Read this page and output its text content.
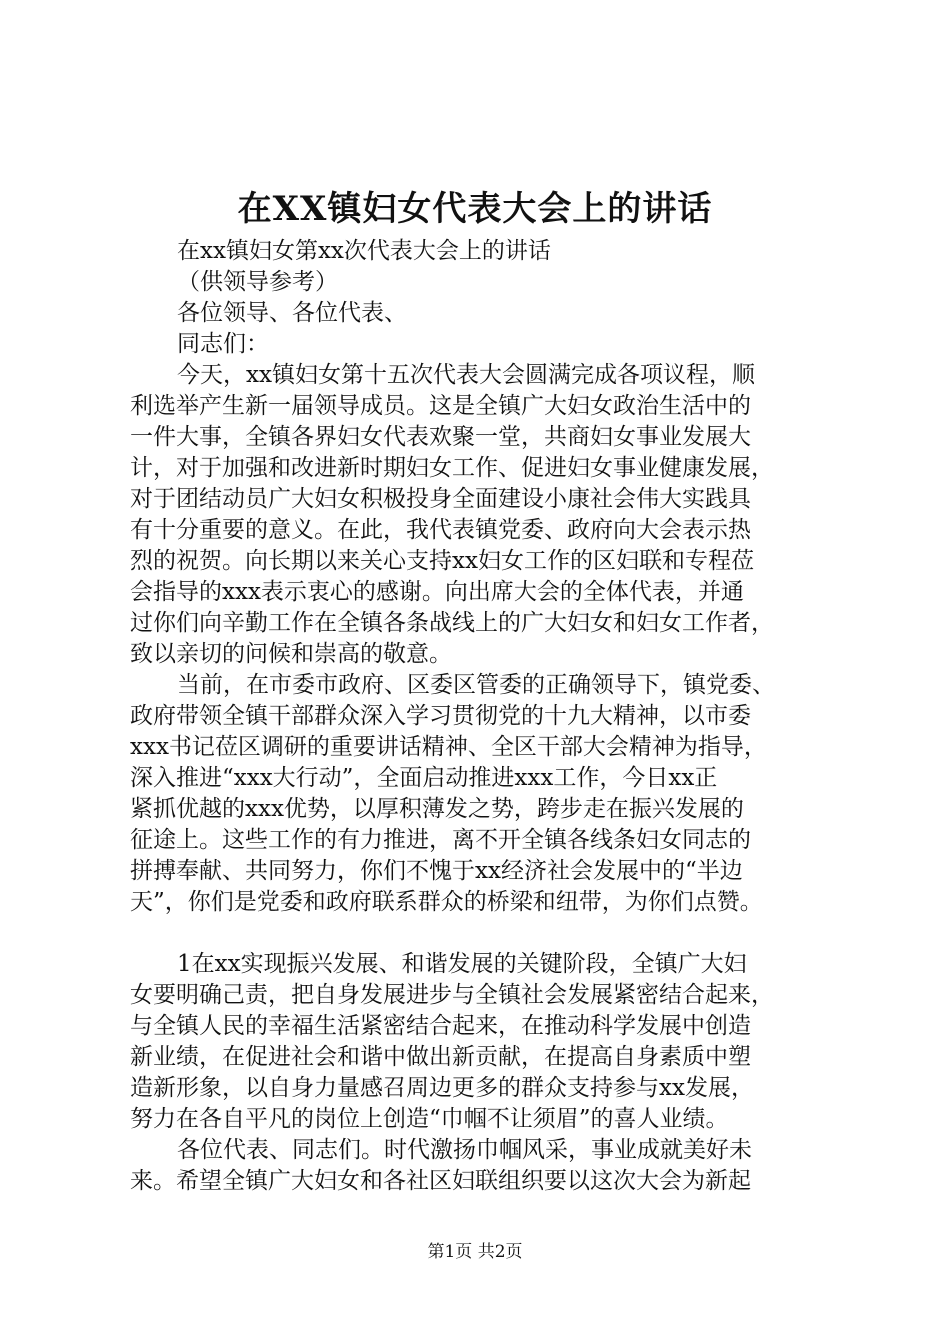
在XX镇妇女代表大会上的讲话
在xx镇妇女第xx次代表大会上的讲话
（供领导参考）
各位领导、各位代表、
同志们：
今天，xx镇妇女第十五次代表大会圆满完成各项议程，顺
利选举产生新一届领导成员。这是全镇广大妇女政治生活中的
一件大事，全镇各界妇女代表欢聚一堂，共商妇女事业发展大
计，对于加强和改进新时期妇女工作、促进妇女事业健康发展，
对于团结动员广大妇女积极投身全面建设小康社会伟大实践具
有十分重要的意义。在此，我代表镇党委、政府向大会表示热
烈的祝贺。向长期以来关心支持xx妇女工作的区妇联和专程莅
会指导的xxx表示衷心的感谢。向出席大会的全体代表，并通
过你们向辛勤工作在全镇各条战线上的广大妇女和妇女工作者，
致以亲切的问候和崇高的敬意。
当前，在市委市政府、区委区管委的正确领导下，镇党委、
政府带领全镇干部群众深入学习贯彻党的十九大精神，以市委
xxx书记莅区调研的重要讲话精神、全区干部大会精神为指导，
深入推进“xxx大行动”，全面启动推进xxx工作，今日xx正
紧抓优越的xxx优势，以厚积薄发之势，跨步走在振兴发展的
征途上。这些工作的有力推进，离不开全镇各线条妇女同志的
拼搏奉献、共同努力，你们不愧于xx经济社会发展中的“半边
天”，你们是党委和政府联系群众的桥梁和纽带，为你们点赞。
1在xx实现振兴发展、和谐发展的关键阶段，全镇广大妇
女要明确己责，把自身发展进步与全镇社会发展紧密结合起来，
与全镇人民的幸福生活紧密结合起来，在推动科学发展中创造
新业绩，在促进社会和谐中做出新贡献，在提高自身素质中塑
造新形象，以自身力量感召周边更多的群众支持参与xx发展，
努力在各自平凡的岗位上创造“巾帼不让须眉”的喜人业绩。
各位代表、同志们。时代激扬巾帼风采，事业成就美好未
来。希望全镇广大妇女和各社区妇联组织要以这次大会为新起
第1页 共2页
